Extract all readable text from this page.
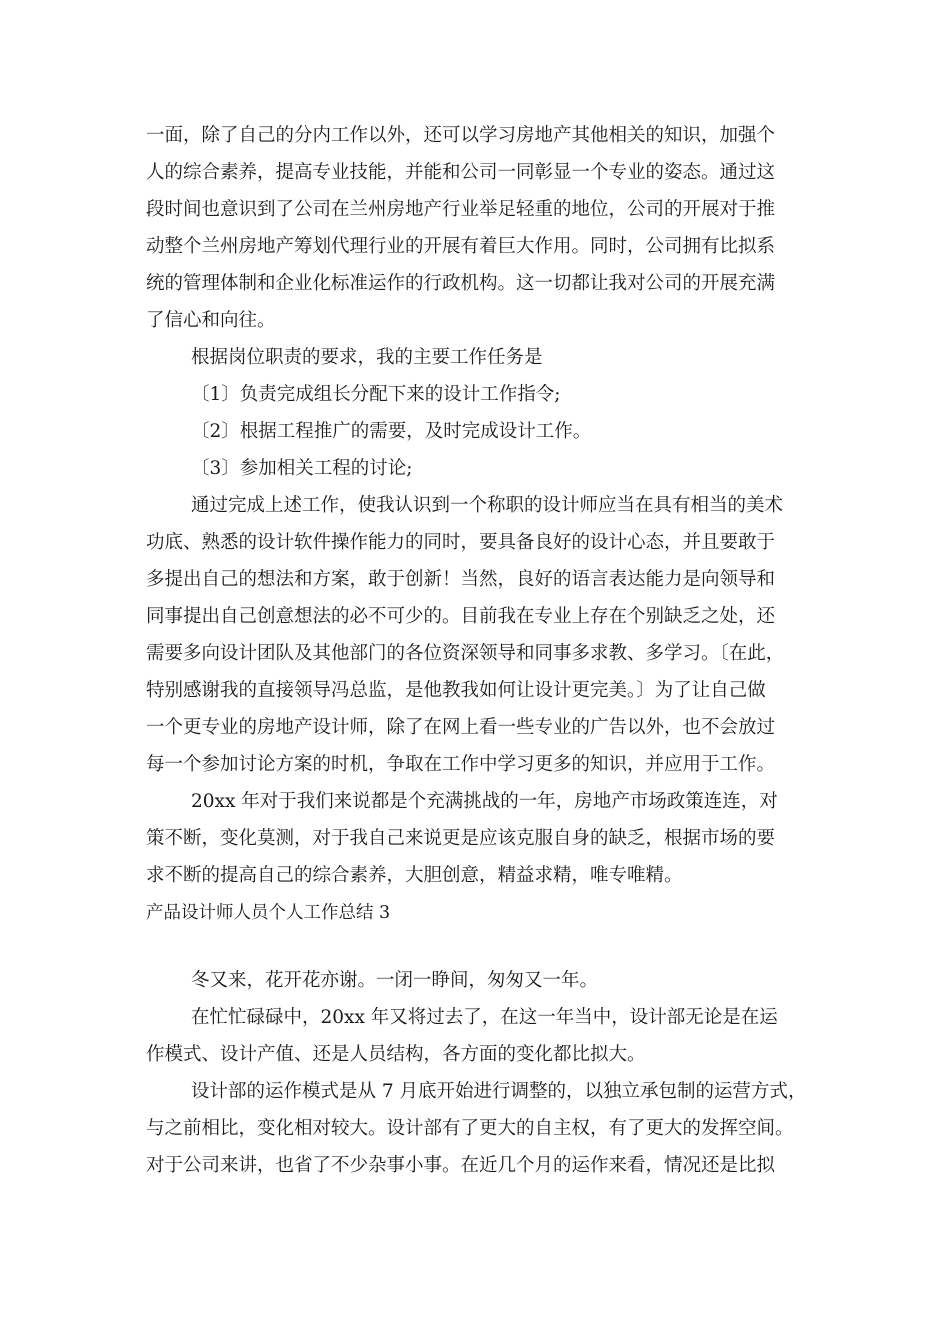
一面，除了自己的分内工作以外，还可以学习房地产其他相关的知识，加强个
人的综合素养，提高专业技能，并能和公司一同彰显一个专业的姿态。通过这
段时间也意识到了公司在兰州房地产行业举足轻重的地位，公司的开展对于推
动整个兰州房地产筹划代理行业的开展有着巨大作用。同时，公司拥有比拟系
统的管理体制和企业化标准运作的行政机构。这一切都让我对公司的开展充满
了信心和向往。
根据岗位职责的要求，我的主要工作任务是
〔1〕负责完成组长分配下来的设计工作指令;
〔2〕根据工程推广的需要，及时完成设计工作。
〔3〕参加相关工程的讨论;
通过完成上述工作，使我认识到一个称职的设计师应当在具有相当的美术
功底、熟悉的设计软件操作能力的同时，要具备良好的设计心态，并且要敢于
多提出自己的想法和方案，敢于创新！当然，良好的语言表达能力是向领导和
同事提出自己创意想法的必不可少的。目前我在专业上存在个别缺乏之处，还
需要多向设计团队及其他部门的各位资深领导和同事多求教、多学习。〔在此，
特别感谢我的直接领导冯总监，是他教我如何让设计更完美。〕为了让自己做
一个更专业的房地产设计师，除了在网上看一些专业的广告以外，也不会放过
每一个参加讨论方案的时机，争取在工作中学习更多的知识，并应用于工作。
20xx 年对于我们来说都是个充满挑战的一年，房地产市场政策连连，对
策不断，变化莫测，对于我自己来说更是应该克服自身的缺乏，根据市场的要
求不断的提高自己的综合素养，大胆创意，精益求精，唯专唯精。
产品设计师人员个人工作总结 3
冬又来，花开花亦谢。一闭一睁间，匆匆又一年。
在忙忙碌碌中，20xx 年又将过去了，在这一年当中，设计部无论是在运
作模式、设计产值、还是人员结构，各方面的变化都比拟大。
设计部的运作模式是从 7 月底开始进行调整的，以独立承包制的运营方式，
与之前相比，变化相对较大。设计部有了更大的自主权，有了更大的发挥空间。
对于公司来讲，也省了不少杂事小事。在近几个月的运作来看，情况还是比拟
